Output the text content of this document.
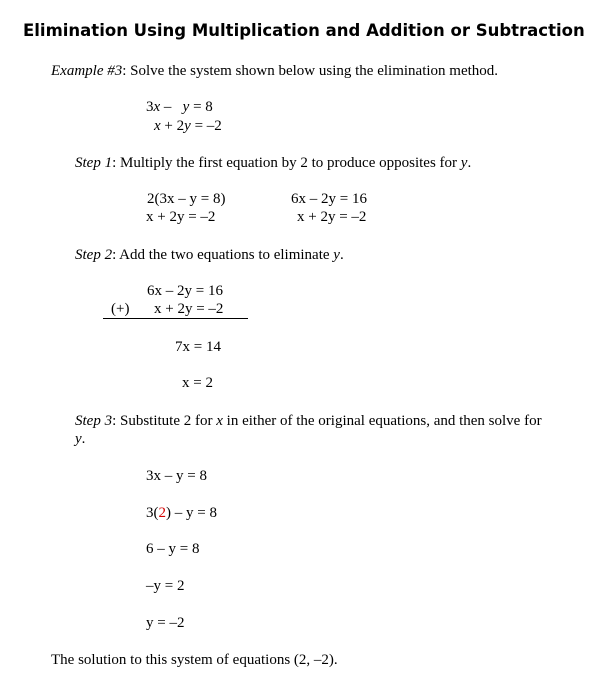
Elimination Using Multiplication and Addition or Subtraction
Example #3: Solve the system shown below using the elimination method.
3x –   y = 8
x + 2y = –2
Step 1: Multiply the first equation by 2 to produce opposites for y.
2(3x – y = 8)
x + 2y = –2
6x – 2y = 16
x + 2y = –2
Step 2: Add the two equations to eliminate y.
6x – 2y = 16
(+) x + 2y = –2
7x = 14
x = 2
Step 3: Substitute 2 for x in either of the original equations, and then solve for
y.
3x – y = 8
3(2) – y = 8
6 – y = 8
–y = 2
y = –2
The solution to this system of equations (2, –2).
